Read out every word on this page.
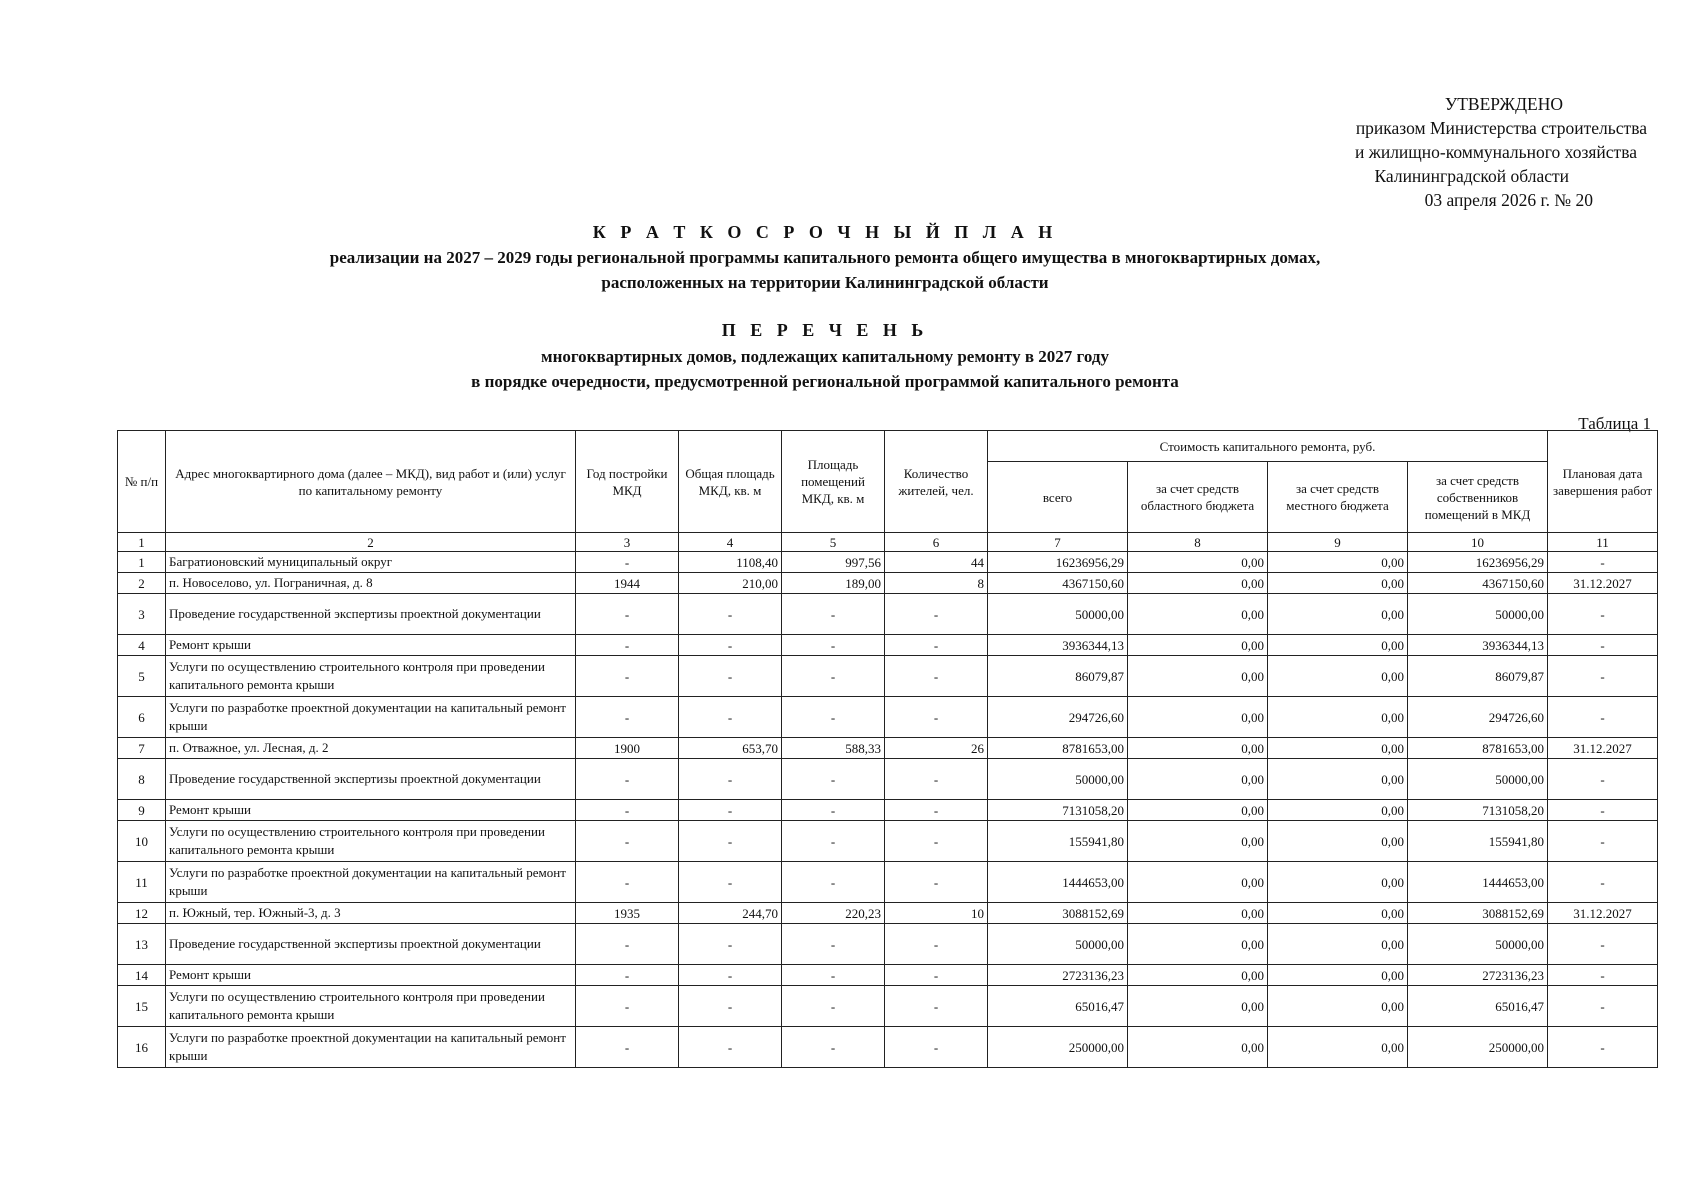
УТВЕРЖДЕНО
приказом Министерства строительства
и жилищно-коммунального хозяйства
Калининградской области
03 апреля 2026 г. № 20
К Р А Т К О С Р О Ч Н Ы Й П Л А Н
реализации на 2027 – 2029 годы региональной программы капитального ремонта общего имущества в многоквартирных домах,
расположенных на территории Калининградской области
П Е Р Е Ч Е Н Ь
многоквартирных домов, подлежащих капитальному ремонту в 2027 году
в порядке очередности, предусмотренной региональной программой капитального ремонта
Таблица 1
№ п/п	Адрес многоквартирного дома (далее – МКД), вид работ и (или) услуг по капитальному ремонту	Год постройки МКД	Общая площадь МКД, кв. м	Площадь помещений МКД, кв. м	Количество жителей, чел.	Стоимость капитального ремонта, руб.				Плановая дата завершения работ
						всего	за счет средств областного бюджета	за счет средств местного бюджета	за счет средств собственников помещений в МКД	
1	2	3	4	5	6	7	8	9	10	11
1	Багратионовский муниципальный округ	-	1108,40	997,56	44	16236956,29	0,00	0,00	16236956,29	-
2	п. Новоселово, ул. Пограничная, д. 8	1944	210,00	189,00	8	4367150,60	0,00	0,00	4367150,60	31.12.2027
3	Проведение государственной экспертизы проектной документации	-	-	-	-	50000,00	0,00	0,00	50000,00	-
4	Ремонт крыши	-	-	-	-	3936344,13	0,00	0,00	3936344,13	-
5	Услуги по осуществлению строительного контроля при проведении капитального ремонта крыши	-	-	-	-	86079,87	0,00	0,00	86079,87	-
6	Услуги по разработке проектной документации на капитальный ремонт крыши	-	-	-	-	294726,60	0,00	0,00	294726,60	-
7	п. Отважное, ул. Лесная, д. 2	1900	653,70	588,33	26	8781653,00	0,00	0,00	8781653,00	31.12.2027
8	Проведение государственной экспертизы проектной документации	-	-	-	-	50000,00	0,00	0,00	50000,00	-
9	Ремонт крыши	-	-	-	-	7131058,20	0,00	0,00	7131058,20	-
10	Услуги по осуществлению строительного контроля при проведении капитального ремонта крыши	-	-	-	-	155941,80	0,00	0,00	155941,80	-
11	Услуги по разработке проектной документации на капитальный ремонт крыши	-	-	-	-	1444653,00	0,00	0,00	1444653,00	-
12	п. Южный, тер. Южный-3, д. 3	1935	244,70	220,23	10	3088152,69	0,00	0,00	3088152,69	31.12.2027
13	Проведение государственной экспертизы проектной документации	-	-	-	-	50000,00	0,00	0,00	50000,00	-
14	Ремонт крыши	-	-	-	-	2723136,23	0,00	0,00	2723136,23	-
15	Услуги по осуществлению строительного контроля при проведении капитального ремонта крыши	-	-	-	-	65016,47	0,00	0,00	65016,47	-
16	Услуги по разработке проектной документации на капитальный ремонт крыши	-	-	-	-	250000,00	0,00	0,00	250000,00	-
